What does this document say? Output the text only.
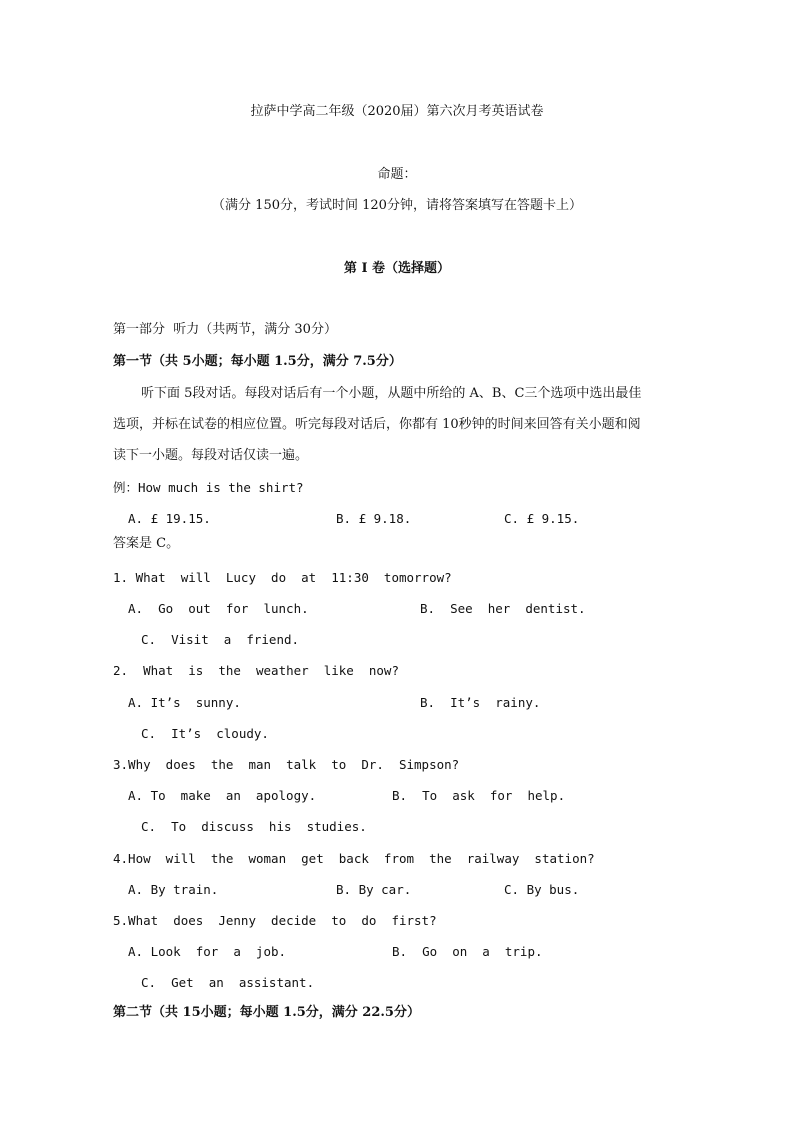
拉萨中学高二年级（2020届）第六次月考英语试卷
命题：
（满分 150分，考试时间 120分钟，请将答案填写在答题卡上）
第 I 卷（选择题）
第一部分  听力（共两节，满分 30分）
第一节（共 5小题；每小题 1.5分，满分 7.5分）
听下面 5段对话。每段对话后有一个小题，从题中所给的 A、B、C三个选项中选出最佳
选项，并标在试卷的相应位置。听完每段对话后，你都有 10秒钟的时间来回答有关小题和阅
读下一小题。每段对话仅读一遍。
例：How much is the shirt?
A. £ 19.15.	B. £ 9.18.	C. £ 9.15.
答案是 C。
1. What  will  Lucy  do  at  11:30  tomorrow?
A.  Go  out  for  lunch.	B.  See  her  dentist.
C.  Visit  a  friend.
2.  What  is  the  weather  like  now?
A. It’s  sunny.	B.  It’s  rainy.
C.  It’s  cloudy.
3.Why  does  the  man  talk  to  Dr.  Simpson?
A. To  make  an  apology.	B.  To  ask  for  help.
C.  To  discuss  his  studies.
4.How  will  the  woman  get  back  from  the  railway  station?
A. By train.	B. By car.	C. By bus.
5.What  does  Jenny  decide  to  do  first?
A. Look  for  a  job.	B.  Go  on  a  trip.
C.  Get  an  assistant.
第二节（共 15小题；每小题 1.5分，满分 22.5分）
